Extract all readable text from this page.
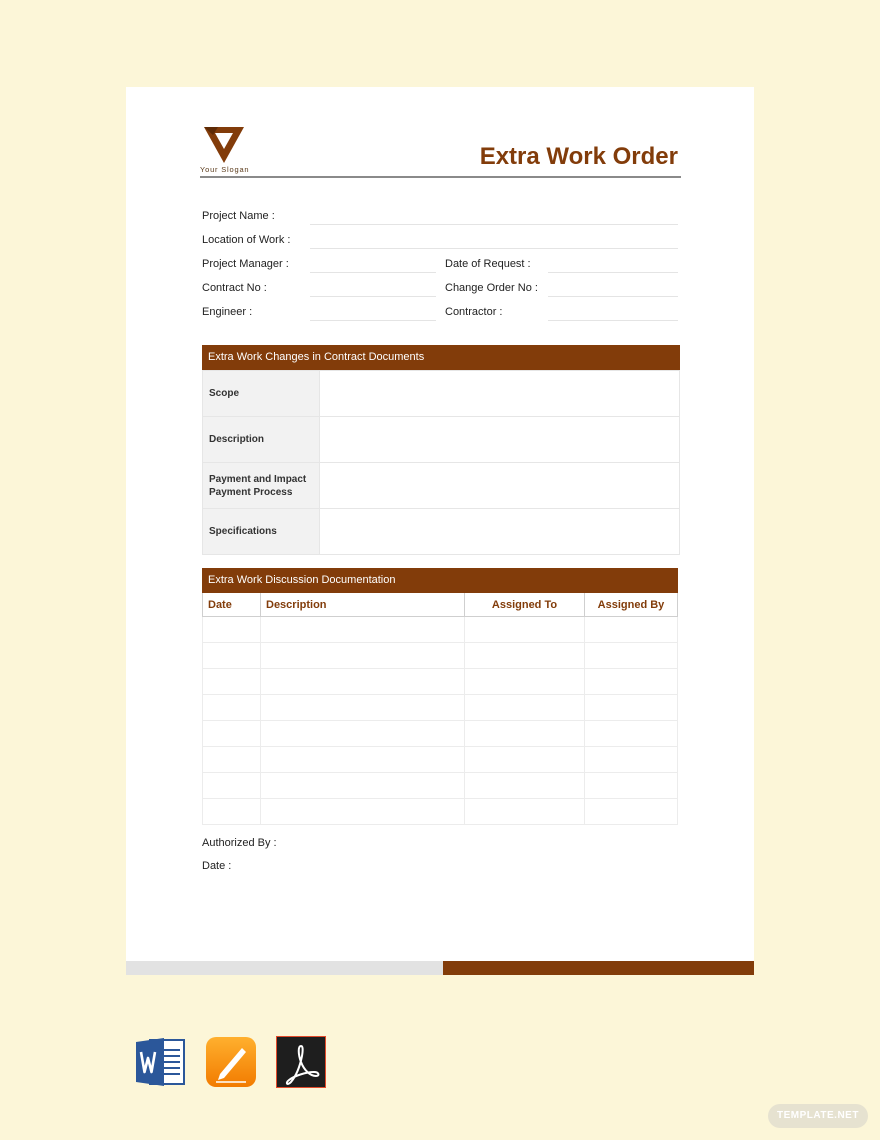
Your Slogan	Extra Work Order
Project Name :
Location of Work :
Project Manager :	Date of Request :
Contract No :	Change Order No :
Engineer :	Contractor :
Extra Work Changes in Contract Documents
Scope	
Description	
Payment and Impact Payment Process	
Specifications	
Extra Work Discussion Documentation
Date	Description	Assigned To	Assigned By

Authorized By :
Date :
TEMPLATE.NET
